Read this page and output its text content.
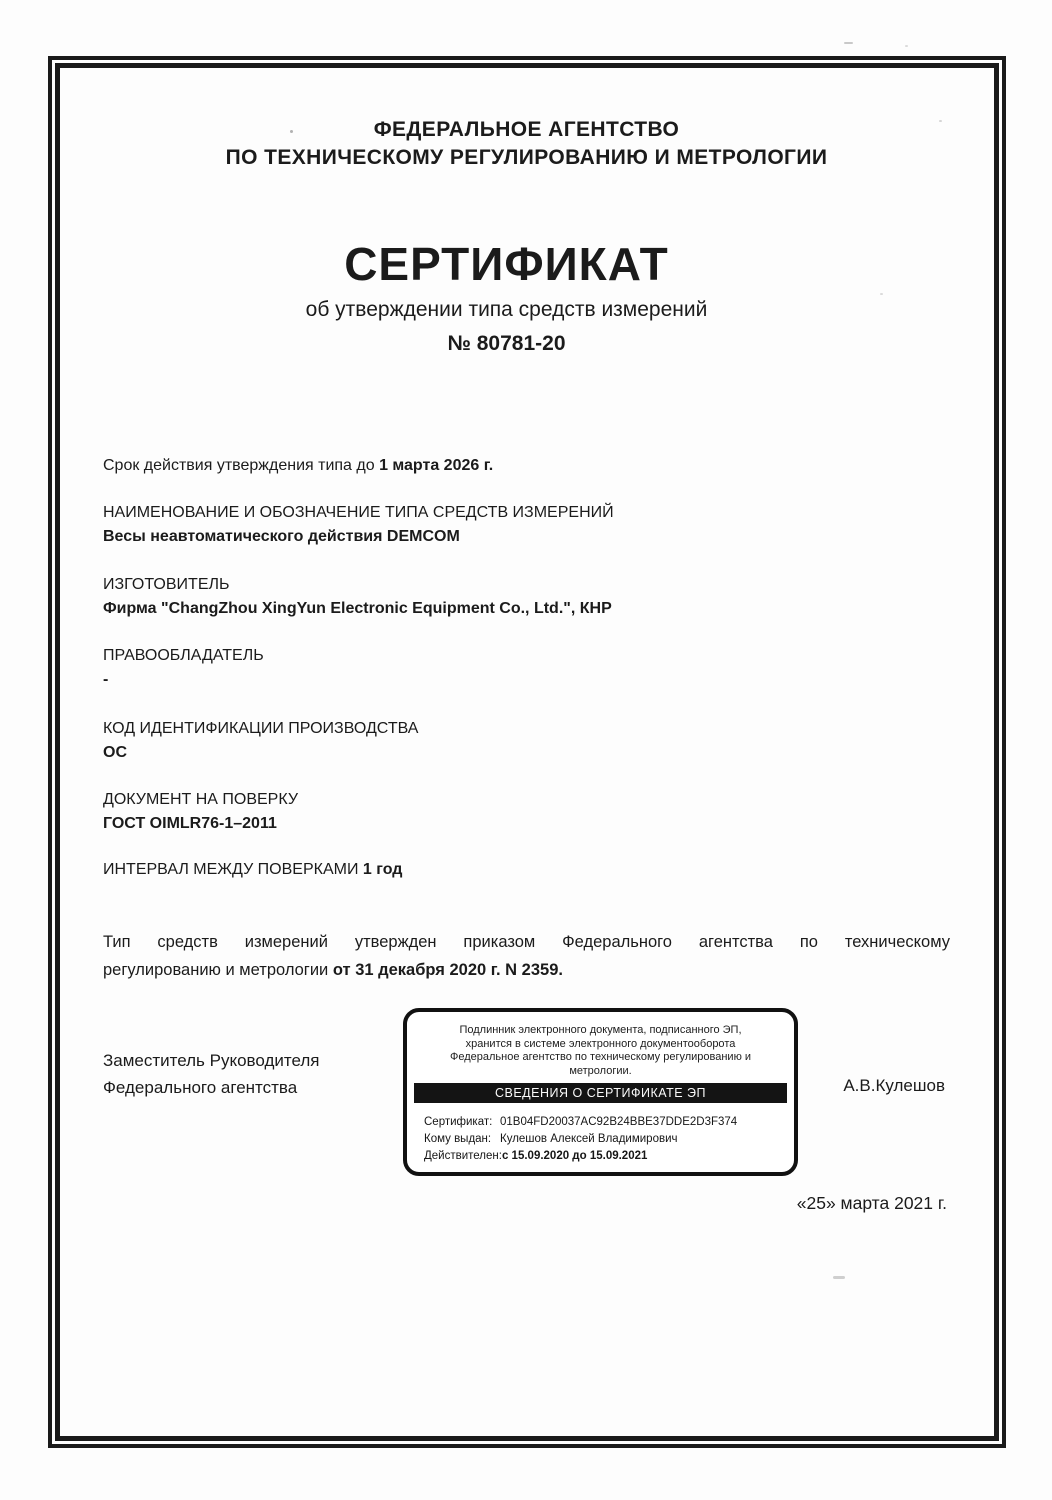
ФЕДЕРАЛЬНОЕ АГЕНТСТВО
ПО ТЕХНИЧЕСКОМУ РЕГУЛИРОВАНИЮ И МЕТРОЛОГИИ
СЕРТИФИКАТ
об утверждении типа средств измерений
№ 80781-20
Срок действия утверждения типа до 1 марта 2026 г.
НАИМЕНОВАНИЕ И ОБОЗНАЧЕНИЕ ТИПА СРЕДСТВ ИЗМЕРЕНИЙ
Весы неавтоматического действия DEMCOM
ИЗГОТОВИТЕЛЬ
Фирма "ChangZhou XingYun Electronic Equipment Co., Ltd.", КНР
ПРАВООБЛАДАТЕЛЬ
-
КОД ИДЕНТИФИКАЦИИ ПРОИЗВОДСТВА
ОС
ДОКУМЕНТ НА ПОВЕРКУ
ГОСТ OIMLR76-1–2011
ИНТЕРВАЛ МЕЖДУ ПОВЕРКАМИ 1 год
Тип средств измерений утвержден приказом Федерального агентства по техническому
регулированию и метрологии от 31 декабря 2020 г. N 2359.
Заместитель Руководителя
Федерального агентства
Подлинник электронного документа, подписанного ЭП,
хранится в системе электронного документооборота
Федеральное агентство по техническому регулированию и
метрологии.
СВЕДЕНИЯ О СЕРТИФИКАТЕ ЭП
Сертификат: 01B04FD20037AC92B24BBE37DDE2D3F374
Кому выдан: Кулешов Алексей Владимирович
Действителен:с 15.09.2020 до 15.09.2021
А.В.Кулешов
«25» марта 2021 г.
